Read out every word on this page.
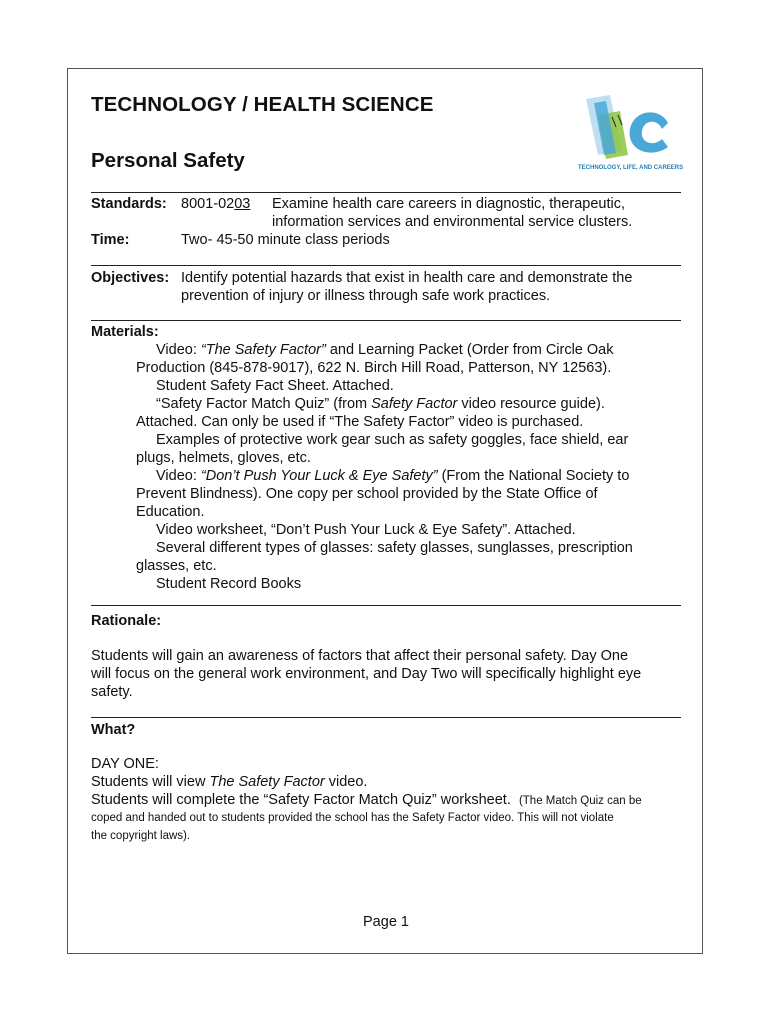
TECHNOLOGY / HEALTH SCIENCE
Personal Safety	TECHNOLOGY, LIFE, AND CAREERS
Standards: 8001-0203 Examine health care careers in diagnostic, therapeutic,
information services and environmental service clusters.
Time:	Two- 45-50 minute class periods
Objectives: Identify potential hazards that exist in health care and demonstrate the
prevention of injury or illness through safe work practices.
Materials:
Video: “The Safety Factor” and Learning Packet (Order from Circle Oak
Production (845-878-9017), 622 N. Birch Hill Road, Patterson, NY 12563).
Student Safety Fact Sheet. Attached.
“Safety Factor Match Quiz” (from Safety Factor video resource guide).
Attached. Can only be used if “The Safety Factor” video is purchased.
Examples of protective work gear such as safety goggles, face shield, ear
plugs, helmets, gloves, etc.
Video: “Don’t Push Your Luck & Eye Safety” (From the National Society to
Prevent Blindness). One copy per school provided by the State Office of
Education.
Video worksheet, “Don’t Push Your Luck & Eye Safety”. Attached.
Several different types of glasses: safety glasses, sunglasses, prescription
glasses, etc.
Student Record Books
Rationale:
Students will gain an awareness of factors that affect their personal safety. Day One
will focus on the general work environment, and Day Two will specifically highlight eye
safety.
What?
DAY ONE:
Students will view The Safety Factor video.
Students will complete the “Safety Factor Match Quiz” worksheet. (The Match Quiz can be
coped and handed out to students provided the school has the Safety Factor video. This will not violate
the copyright laws).
Page 1
